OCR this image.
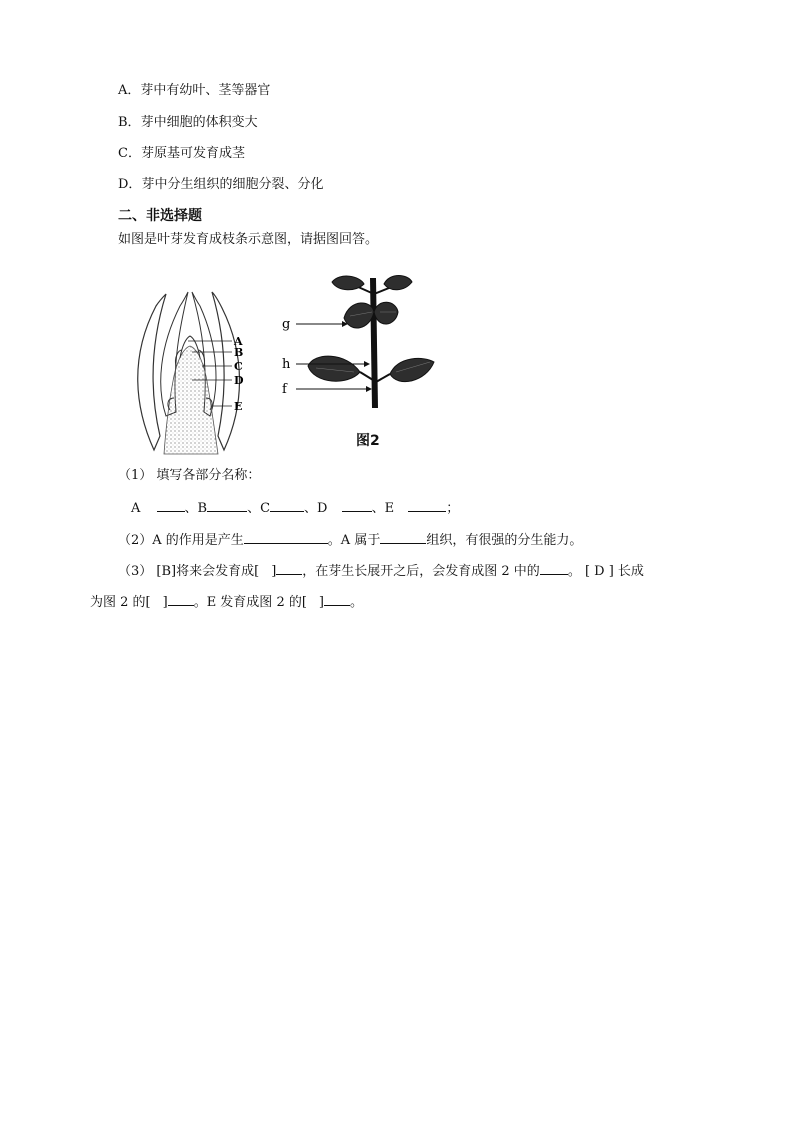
A．芽中有幼叶、茎等器官
B．芽中细胞的体积变大
C．芽原基可发育成茎
D．芽中分生组织的细胞分裂、分化
二、非选择题
如图是叶芽发育成枝条示意图，请据图回答。
A
B
C
D
E
g
h
f
图2
（1） 填写各部分名称：
A	、B	、C	、D	、E	；
（2）A 的作用是产生	。A 属于	组织，有很强的分生能力。
（3） [B]将来会发育成[ ] ，在芽生长展开之后，会发育成图 2 中的 。 [ D ] 长成
为图 2 的[ ] 。E 发育成图 2 的[ ] 。
